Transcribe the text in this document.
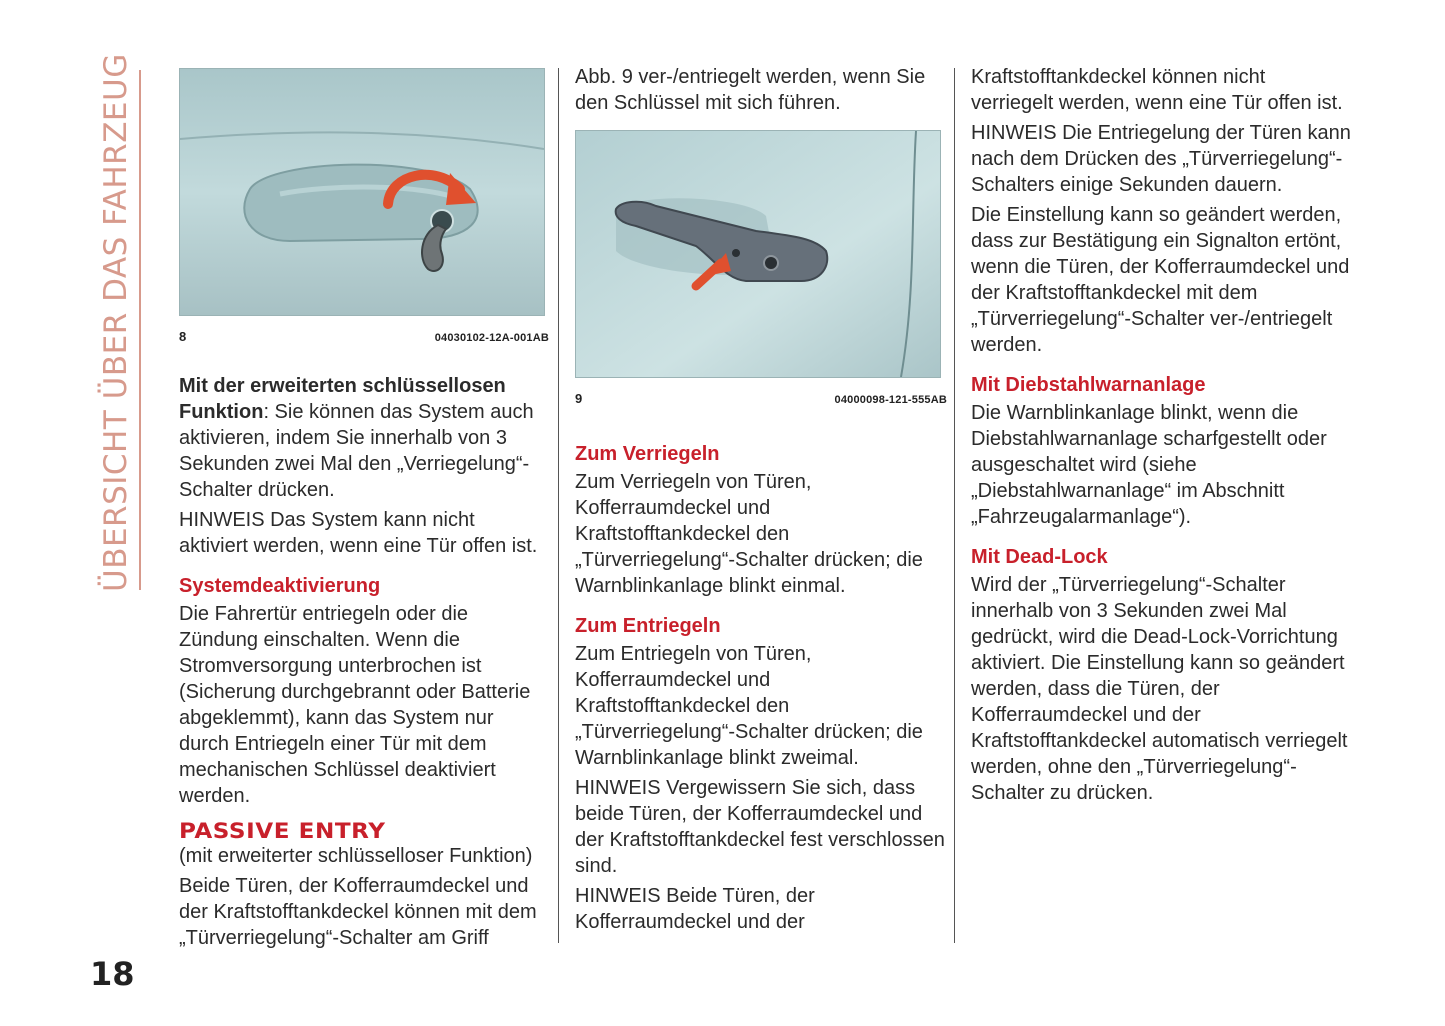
ÜBERSICHT ÜBER DAS FAHRZEUG
18
8	04030102-12A-001AB

Mit der erweiterten schlüssellosen Funktion: Sie können das System auch aktivieren, indem Sie innerhalb von 3 Sekunden zwei Mal den „Verriegelung“-Schalter drücken.

HINWEIS Das System kann nicht aktiviert werden, wenn eine Tür offen ist.

Systemdeaktivierung

Die Fahrertür entriegeln oder die Zündung einschalten. Wenn die Stromversorgung unterbrochen ist (Sicherung durchgebrannt oder Batterie abgeklemmt), kann das System nur durch Entriegeln einer Tür mit dem mechanischen Schlüssel deaktiviert werden.

PASSIVE ENTRY

(mit erweiterter schlüsselloser Funktion)

Beide Türen, der Kofferraumdeckel und der Kraftstofftankdeckel können mit dem „Türverriegelung“-Schalter am Griff

Abb. 9 ver-/entriegelt werden, wenn Sie den Schlüssel mit sich führen.

9	04000098-121-555AB
Zum Verriegeln

Zum Verriegeln von Türen, Kofferraumdeckel und Kraftstofftankdeckel den „Türverriegelung“-Schalter drücken; die Warnblinkanlage blinkt einmal.

Zum Entriegeln

Zum Entriegeln von Türen, Kofferraumdeckel und Kraftstofftankdeckel den „Türverriegelung“-Schalter drücken; die Warnblinkanlage blinkt zweimal.

HINWEIS Vergewissern Sie sich, dass beide Türen, der Kofferraumdeckel und der Kraftstofftankdeckel fest verschlossen sind.

HINWEIS Beide Türen, der Kofferraumdeckel und der

Kraftstofftankdeckel können nicht verriegelt werden, wenn eine Tür offen ist.

HINWEIS Die Entriegelung der Türen kann nach dem Drücken des „Türverriegelung“-Schalters einige Sekunden dauern.

Die Einstellung kann so geändert werden, dass zur Bestätigung ein Signalton ertönt, wenn die Türen, der Kofferraumdeckel und der Kraftstofftankdeckel mit dem „Türverriegelung“-Schalter ver-/entriegelt werden.

Mit Diebstahlwarnanlage

Die Warnblinkanlage blinkt, wenn die Diebstahlwarnanlage scharfgestellt oder ausgeschaltet wird (siehe „Diebstahlwarnanlage“ im Abschnitt „Fahrzeugalarmanlage“).

Mit Dead-Lock

Wird der „Türverriegelung“-Schalter innerhalb von 3 Sekunden zwei Mal gedrückt, wird die Dead-Lock-Vorrichtung aktiviert. Die Einstellung kann so geändert werden, dass die Türen, der Kofferraumdeckel und der Kraftstofftankdeckel automatisch verriegelt werden, ohne den „Türverriegelung“-Schalter zu drücken.
